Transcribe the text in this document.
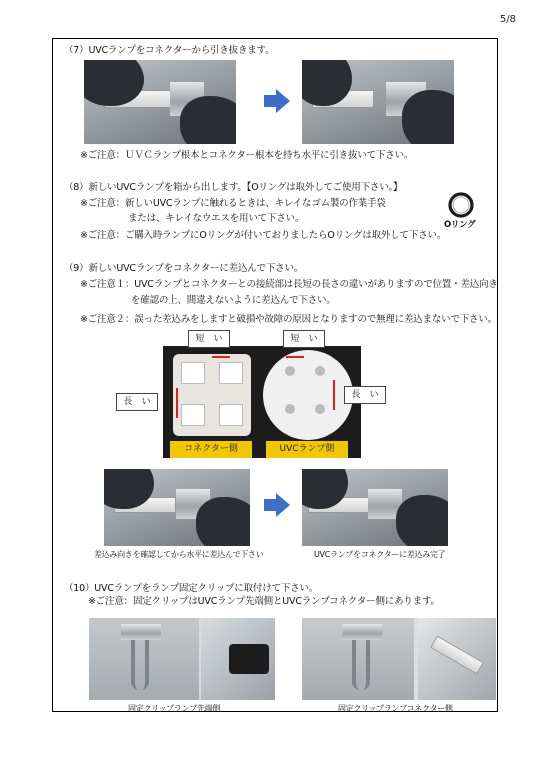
5/8
（7）UVCランプをコネクターから引き抜きます。
※ご注意：ＵＶＣランプ根本とコネクター根本を持ち水平に引き抜いて下さい。
（8）新しいUVCランプを箱から出します。【Oリングは取外してご使用下さい。】
※ご注意：新しいUVCランプに触れるときは、キレイなゴム製の作業手袋
または、キレイなウエスを用いて下さい。
※ご注意：ご購入時ランプにOリングが付いておりましたらOリングは取外して下さい。
Oリング
（9）新しいUVCランプをコネクターに差込んで下さい。
※ご注意１：UVCランプとコネクターとの接続部は長短の長さの違いがありますので位置・差込向き
を確認の上、間違えないように差込んで下さい。
※ご注意２：誤った差込みをしますと破損や故障の原因となりますので無理に差込まないで下さい。
短　い	短　い
長　い
長　い
コネクター側	UVCランプ側
差込み向きを確認してから水平に差込んで下さい	UVCランプをコネクターに差込み完了
（10）UVCランプをランプ固定クリップに取付けて下さい。
※ご注意：固定クリップはUVCランプ先端側とUVCランプコネクター側にあります。
固定クリップランプ先端側	固定クリップランプコネクター側
